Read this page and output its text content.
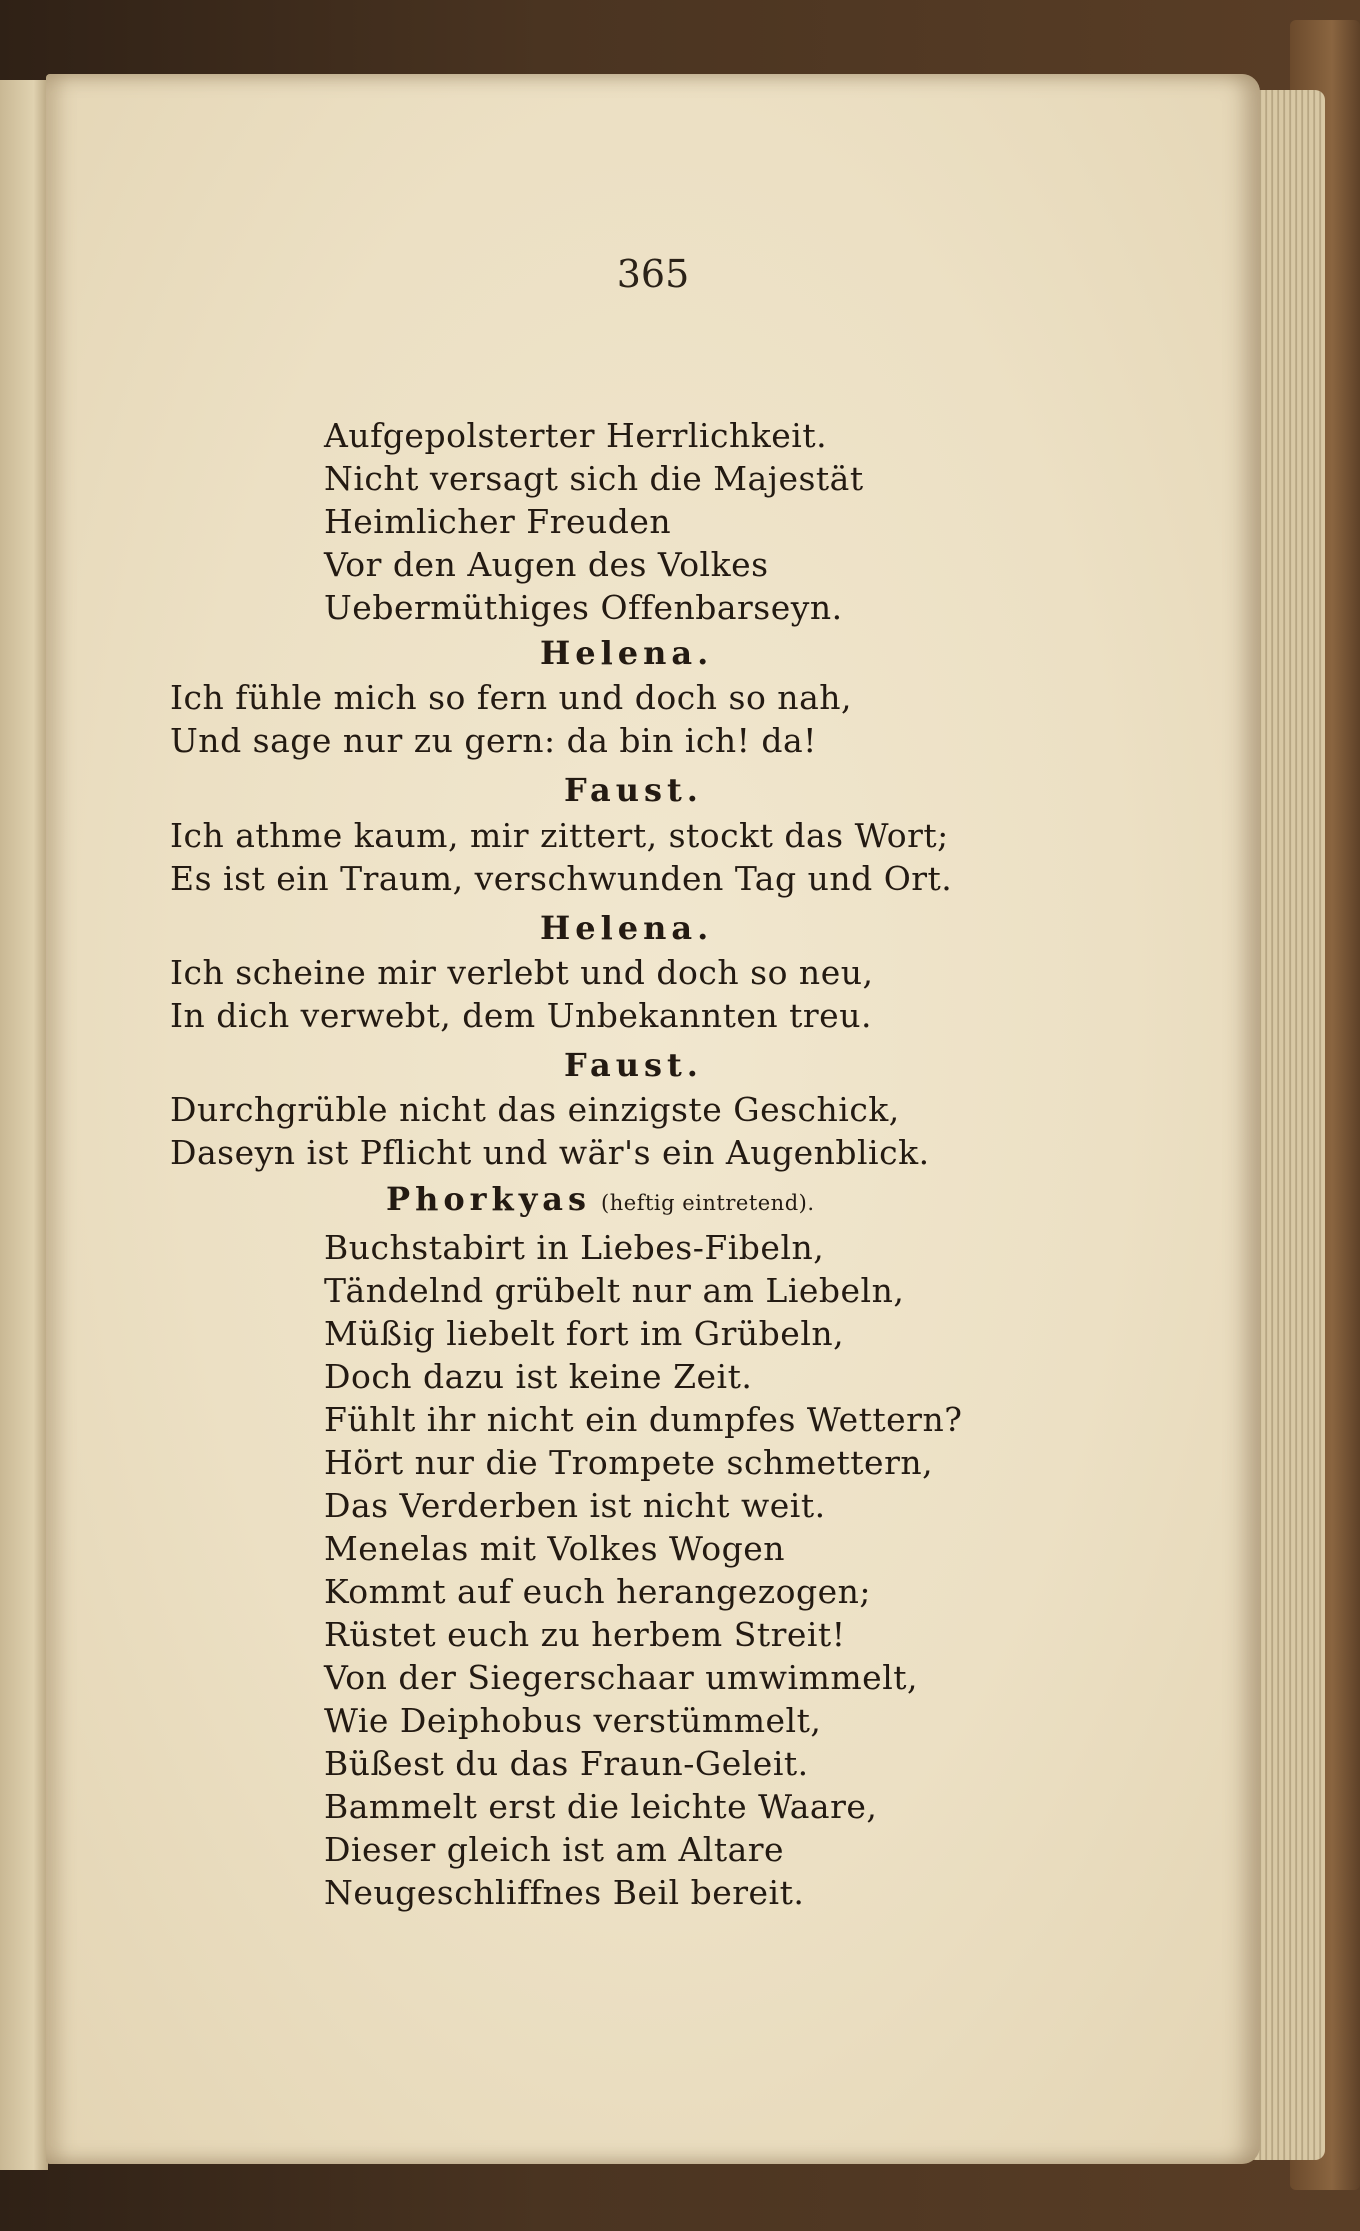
365
Aufgepolsterter Herrlichkeit.
Nicht versagt sich die Majestät
Heimlicher Freuden
Vor den Augen des Volkes
Uebermüthiges Offenbarseyn.
Helena.
Ich fühle mich so fern und doch so nah,
Und sage nur zu gern: da bin ich! da!
Faust.
Ich athme kaum, mir zittert, stockt das Wort;
Es ist ein Traum, verschwunden Tag und Ort.
Helena.
Ich scheine mir verlebt und doch so neu,
In dich verwebt, dem Unbekannten treu.
Faust.
Durchgrüble nicht das einzigste Geschick,
Daseyn ist Pflicht und wär's ein Augenblick.
Phorkyas (heftig eintretend).
Buchstabirt in Liebes-Fibeln,
Tändelnd grübelt nur am Liebeln,
Müßig liebelt fort im Grübeln,
Doch dazu ist keine Zeit.
Fühlt ihr nicht ein dumpfes Wettern?
Hört nur die Trompete schmettern,
Das Verderben ist nicht weit.
Menelas mit Volkes Wogen
Kommt auf euch herangezogen;
Rüstet euch zu herbem Streit!
Von der Siegerschaar umwimmelt,
Wie Deiphobus verstümmelt,
Büßest du das Fraun-Geleit.
Bammelt erst die leichte Waare,
Dieser gleich ist am Altare
Neugeschliffnes Beil bereit.
